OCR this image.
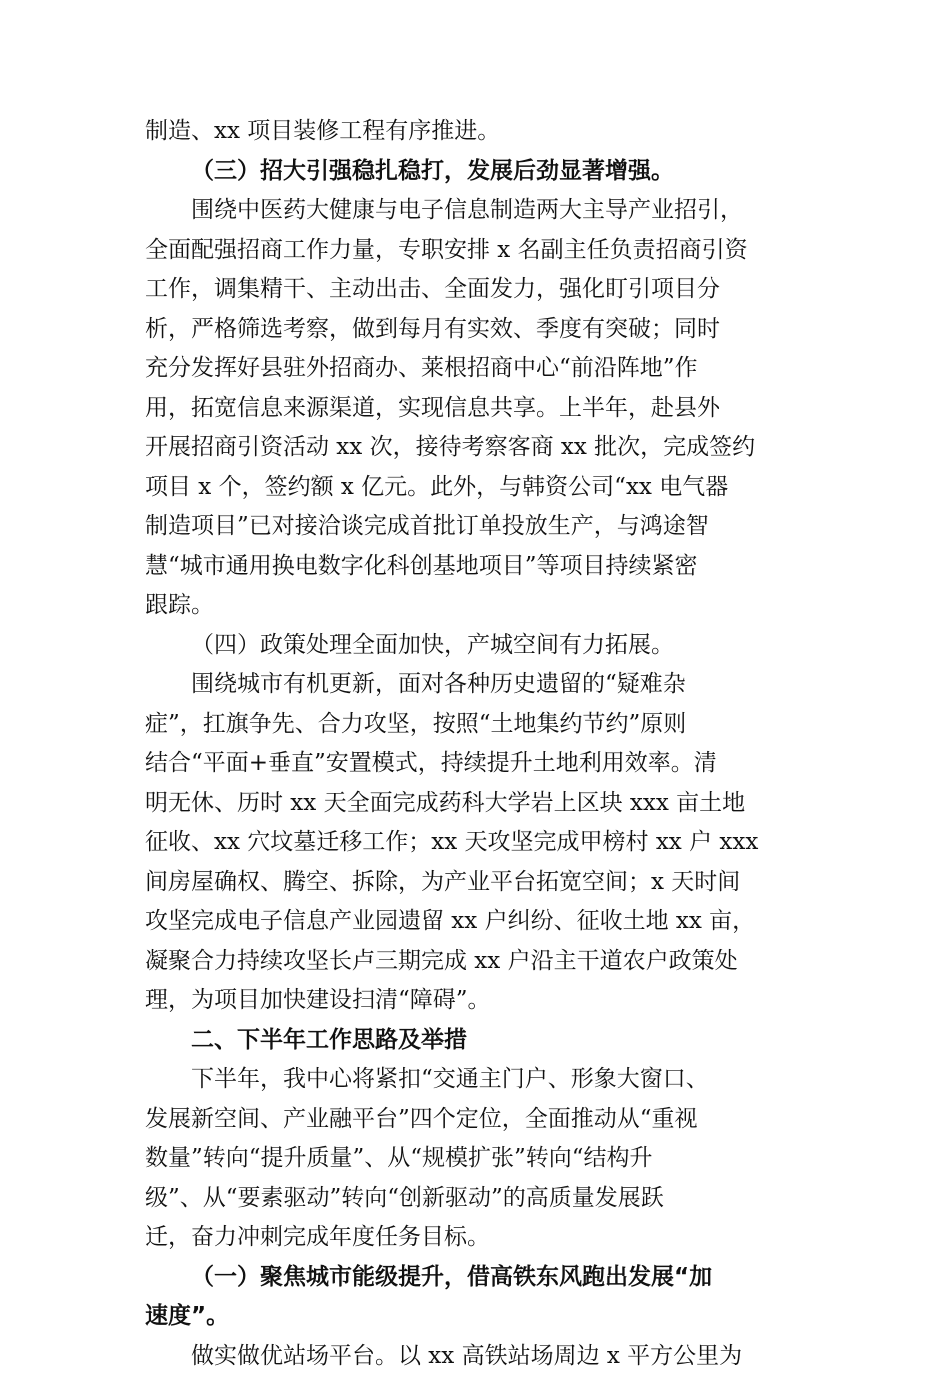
制造、xx 项目装修工程有序推进。
（三）招大引强稳扎稳打，发展后劲显著增强。
围绕中医药大健康与电子信息制造两大主导产业招引，
全面配强招商工作力量，专职安排 x 名副主任负责招商引资
工作，调集精干、主动出击、全面发力，强化盯引项目分
析，严格筛选考察，做到每月有实效、季度有突破；同时
充分发挥好县驻外招商办、莱根招商中心“前沿阵地”作
用，拓宽信息来源渠道，实现信息共享。上半年，赴县外
开展招商引资活动 xx 次，接待考察客商 xx 批次，完成签约
项目 x 个，签约额 x 亿元。此外，与韩资公司“xx 电气器
制造项目”已对接洽谈完成首批订单投放生产，与鸿途智
慧“城市通用换电数字化科创基地项目”等项目持续紧密
跟踪。
（四）政策处理全面加快，产城空间有力拓展。
围绕城市有机更新，面对各种历史遗留的“疑难杂
症”，扛旗争先、合力攻坚，按照“土地集约节约”原则
结合“平面+垂直”安置模式，持续提升土地利用效率。清
明无休、历时 xx 天全面完成药科大学岩上区块 xxx 亩土地
征收、xx 穴坟墓迁移工作；xx 天攻坚完成甲榜村 xx 户 xxx
间房屋确权、腾空、拆除，为产业平台拓宽空间；x 天时间
攻坚完成电子信息产业园遗留 xx 户纠纷、征收土地 xx 亩，
凝聚合力持续攻坚长卢三期完成 xx 户沿主干道农户政策处
理，为项目加快建设扫清“障碍”。
二、下半年工作思路及举措
下半年，我中心将紧扣“交通主门户、形象大窗口、
发展新空间、产业融平台”四个定位，全面推动从“重视
数量”转向“提升质量”、从“规模扩张”转向“结构升
级”、从“要素驱动”转向“创新驱动”的高质量发展跃
迁，奋力冲刺完成年度任务目标。
（一）聚焦城市能级提升，借高铁东风跑出发展“加
速度”。
做实做优站场平台。以 xx 高铁站场周边 x 平方公里为
